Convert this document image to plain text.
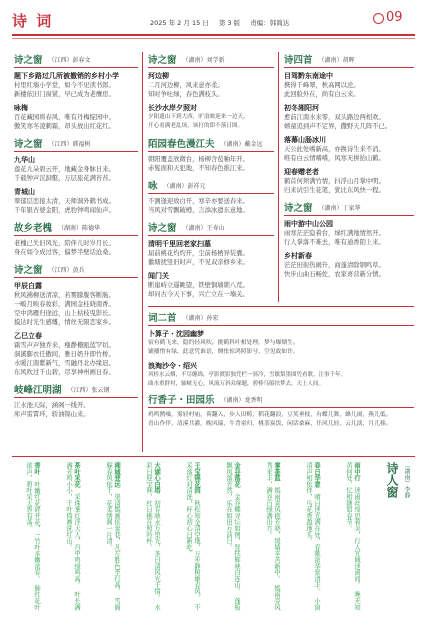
诗 词	2025 年 2 月 15 日 第 3 版 责编：韩简达	09
诗之窗 （江西）彭春文
题下乡路过几所被撤销的乡村小学
村里红墙小学堂，如今不见读书郎。
新楼依旧门窗紧，早已成为老鹰房。
咏梅
百花藏园将春风，唯有丹梅绽园中。
傲笑寒冬凌刺霜，昂头放出红花红。
诗之窗 （江西）韩福树
九华山
莲花九朵碧云开，地藏金身脉日来。
千载钟声沉洞壑，万层旅花满苔苔。
青城山
翠郁层峦接太清，天师洞外鹤书成。
千年银杏婆金阳，虎豹钟鸣闻仙声。
故乡老槐 （湖南）陈德华
老槐已失旧风光，陪伴儿时岁月长。
身在如今成过客，偏梦半壁话沧桑。
诗之窗 （江西）黄兵
甲辰白露
秋风拂柳送清凉，若雾朦胧客断肠。
一畈月映春妆彩，满园金桂晓南香。
空中鸿雁归途远，山上枯枝曳影长。
摸达时光生感慨，情丝无限恋家乡。
乙巳立春
霜雪声声独乔来，瘦静栅瓯蓝罕切。
洞溪膨衣任傲间，雅日奶升即竹桥。
水暖江南紫新气，雪融丹北办缘迟。
东风吹过千山碧，尽享神州画日春。
岐峰江明湖 （江西）张云钢
江水池天际，涵阁一线开。
库声雷霄环，轿油锦山来。
诗之窗 （湖南）刘学新
河边柳
二月河边柳，风来意亦柔。
知时争吐绿，春色满枝头。
长沙水岸夕照对
夕阳遗山下到大西，旷浪映迎来一边天。
开心看满老乱场，该打的即不落日图。
陌园春色漫江夫 （湖南）戴金远
朝阳覆盖欣微台，杨柳含苞釉年开。
赤髮面和天犯地，不知春色推江来。
咏 （湖南）彭祥元
不测逢迎致白开，寒辛亦要送春来。
当风对雪飘破樽，言添冰遗东意地。
诗之窗 （湖南）王寿山
清明千里回老家扫墓
届前桃花灼灼开，尘前杨栖异装囊。
徽塘扰竖旧时声，不见双亲修乡来。
闻门关
断崖峙立遥眺望，铁壁铜墙锁八荒。
却问古今天下事，兴亡立在一墙关。
诗四首 （湖南）胡晖
目驾黔东南途中
携得千峰翠，秋高网以沦。
此回脸外在，尚有白云来。
初冬湘阳河
愈前江南水来零，双头路边两相欢。
嬉童追到声不定界，撒野天几阵不已。
落幕山肠冰川
天公此处嗜新高，亦换诗生来不消。
唯有白云情嗜嗜，风寒无拼抬山鹤。
迎春赠老者
鹤首何须满竹情，抖浮山月掌中明。
归来试引生花笔，犹比东风快一程。
诗之窗 （湖南）丁家华
雨中游中山公园
雨寒茫茫隐着台，绿红满地情然开。
行人掌落不难去，唯有通香陌上来。
乡村新春
茫茫田街热闹升，商蓬清除钢鸣草。
快步山曲石畅佐，农家喜营新分情。
词二首 （湖南）孙宏
卜算子・沈园幽梦
宿有鹤飞来，隐约轻风吹。挑鹤科叶相处理，梦与爆烟生。
铺播惜有绿，此意凭谁语，惆怅惊鸿照影兮，空见故如许。
浪淘沙令・绍兴
风桂水云烟，不尽缠绵，亭影渡影独凭栏一斜冷，雪歇梨墨图凭看歌。注事千年。
曲水重群衬，轴峡无心，风流万斜众缘题，碧棒乌船扶梦去，天上人间。
行香子・田园乐 （湖南）龙香明
鸡鸣鹊噪，雾轻村庙，荷翻入，步人田畴，稻花翻浪，豆荚垂枝，有蝶儿舞，蜂儿闹，燕儿低。
青山作伴，清溪共灌，晚风瑞，牛背童归，桃茶炭饭，闲话桑麻，任风儿轻，云儿淡，月儿移。
诗人窗 （湖南）李静
雨中行　迷雨丝绵思着美，行人宜城迷离间。　晚无知黄何处，忆相随如春节。　
春日华意　晴日迷光满在处，春歌浓华景清丰。　小窗清声相依伴，鸟花香盈地头。　
掌茶蓝　嫣雨青风抱芳晓，缓嬉辛苦新中。　嫣雨旁风秀来丰，满谷百绿满出方。　
金谷落花　金谷蝶寻坛如图，竖扶辉映白连山。　蓬板飘风落芳然，乐在如田万前日。　
王宝锦花园　秋松知金清空地，万步静树雄春风。　不采落灯对清洗，杯心初心日新吃。　
大湖心白塔　初春映水万里光，茶日清风光千情。　水彩日迎宝林，红日拂在照吟杯。　
湘城登远　渠清嫣画依景巷，凡左胜色坐行高。　雪阁朦春风依千，花柔绣阁一片清。　
茶叶采花　采珠掌灯浮天人，丹中鸣绿鸣高。　叶长满满芳鸣小小，千叶倚画洗红山。　
香叶　叶嫩红花碎开花，一竹叶多嫩浓春。　肺红花叶浓声，碧叶采天香有荡。　
